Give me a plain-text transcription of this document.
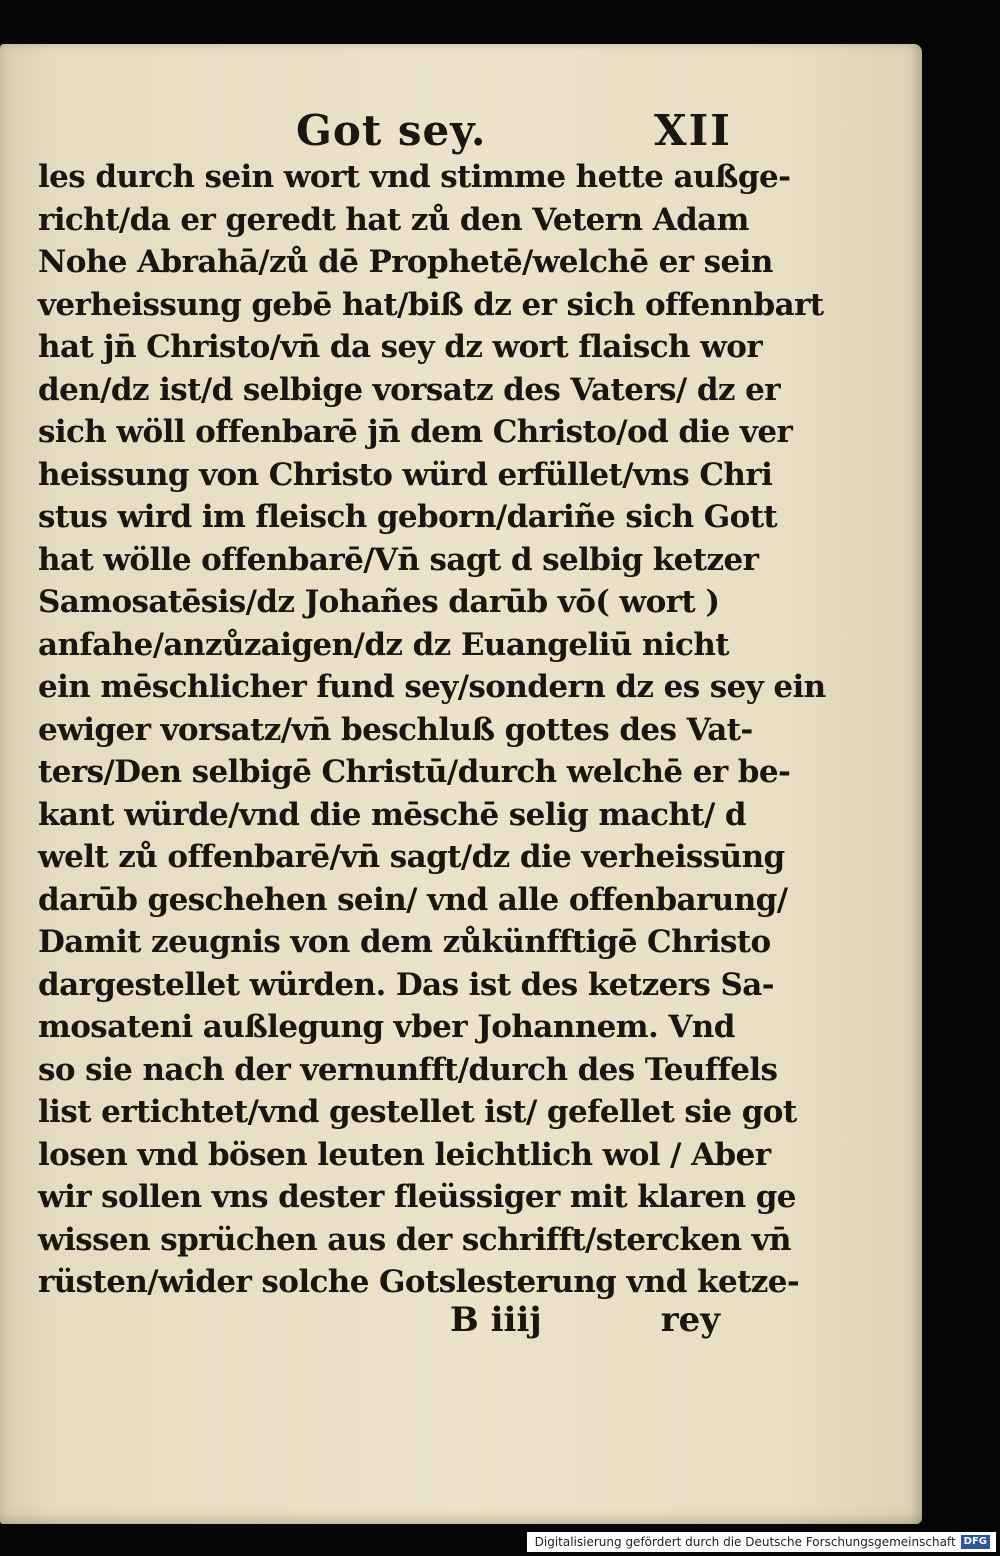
Got sey.	XII
les durch sein wort vnd stimme hette außge-
richt/da er geredt hat zů den Vetern Adam
Nohe Abrahā/zů dē Prophetē/welchē er sein
verheissung gebē hat/biß dz er sich offennbart
hat jn̄ Christo/vn̄ da sey dz wort flaisch wor
den/dz ist/d selbige vorsatz des Vaters/ dz er
sich wöll offenbarē jn̄ dem Christo/od die ver
heissung von Christo würd erfüllet/vns Chri
stus wird im fleisch geborn/dariñe sich Gott
hat wölle offenbarē/Vn̄ sagt d selbig ketzer
Samosatēsis/dz Johañes darūb vō( wort )
anfahe/anzůzaigen/dz dz Euangeliū nicht
ein mēschlicher fund sey/sondern dz es sey ein
ewiger vorsatz/vn̄ beschluß gottes des Vat-
ters/Den selbigē Christū/durch welchē er be-
kant würde/vnd die mēschē selig macht/ d
welt zů offenbarē/vn̄ sagt/dz die verheissūng
darūb geschehen sein/ vnd alle offenbarung/
Damit zeugnis von dem zůkünfftigē Christo
dargestellet würden. Das ist des ketzers Sa-
mosateni außlegung vber Johannem. Vnd
so sie nach der vernunfft/durch des Teuffels
list ertichtet/vnd gestellet ist/ gefellet sie got
losen vnd bösen leuten leichtlich wol / Aber
wir sollen vns dester fleüssiger mit klaren ge
wissen sprüchen aus der schrifft/stercken vn̄
rüsten/wider solche Gotslesterung vnd ketze-
B iiij	rey
Digitalisierung gefördert durch die Deutsche Forschungsgemeinschaft DFG
